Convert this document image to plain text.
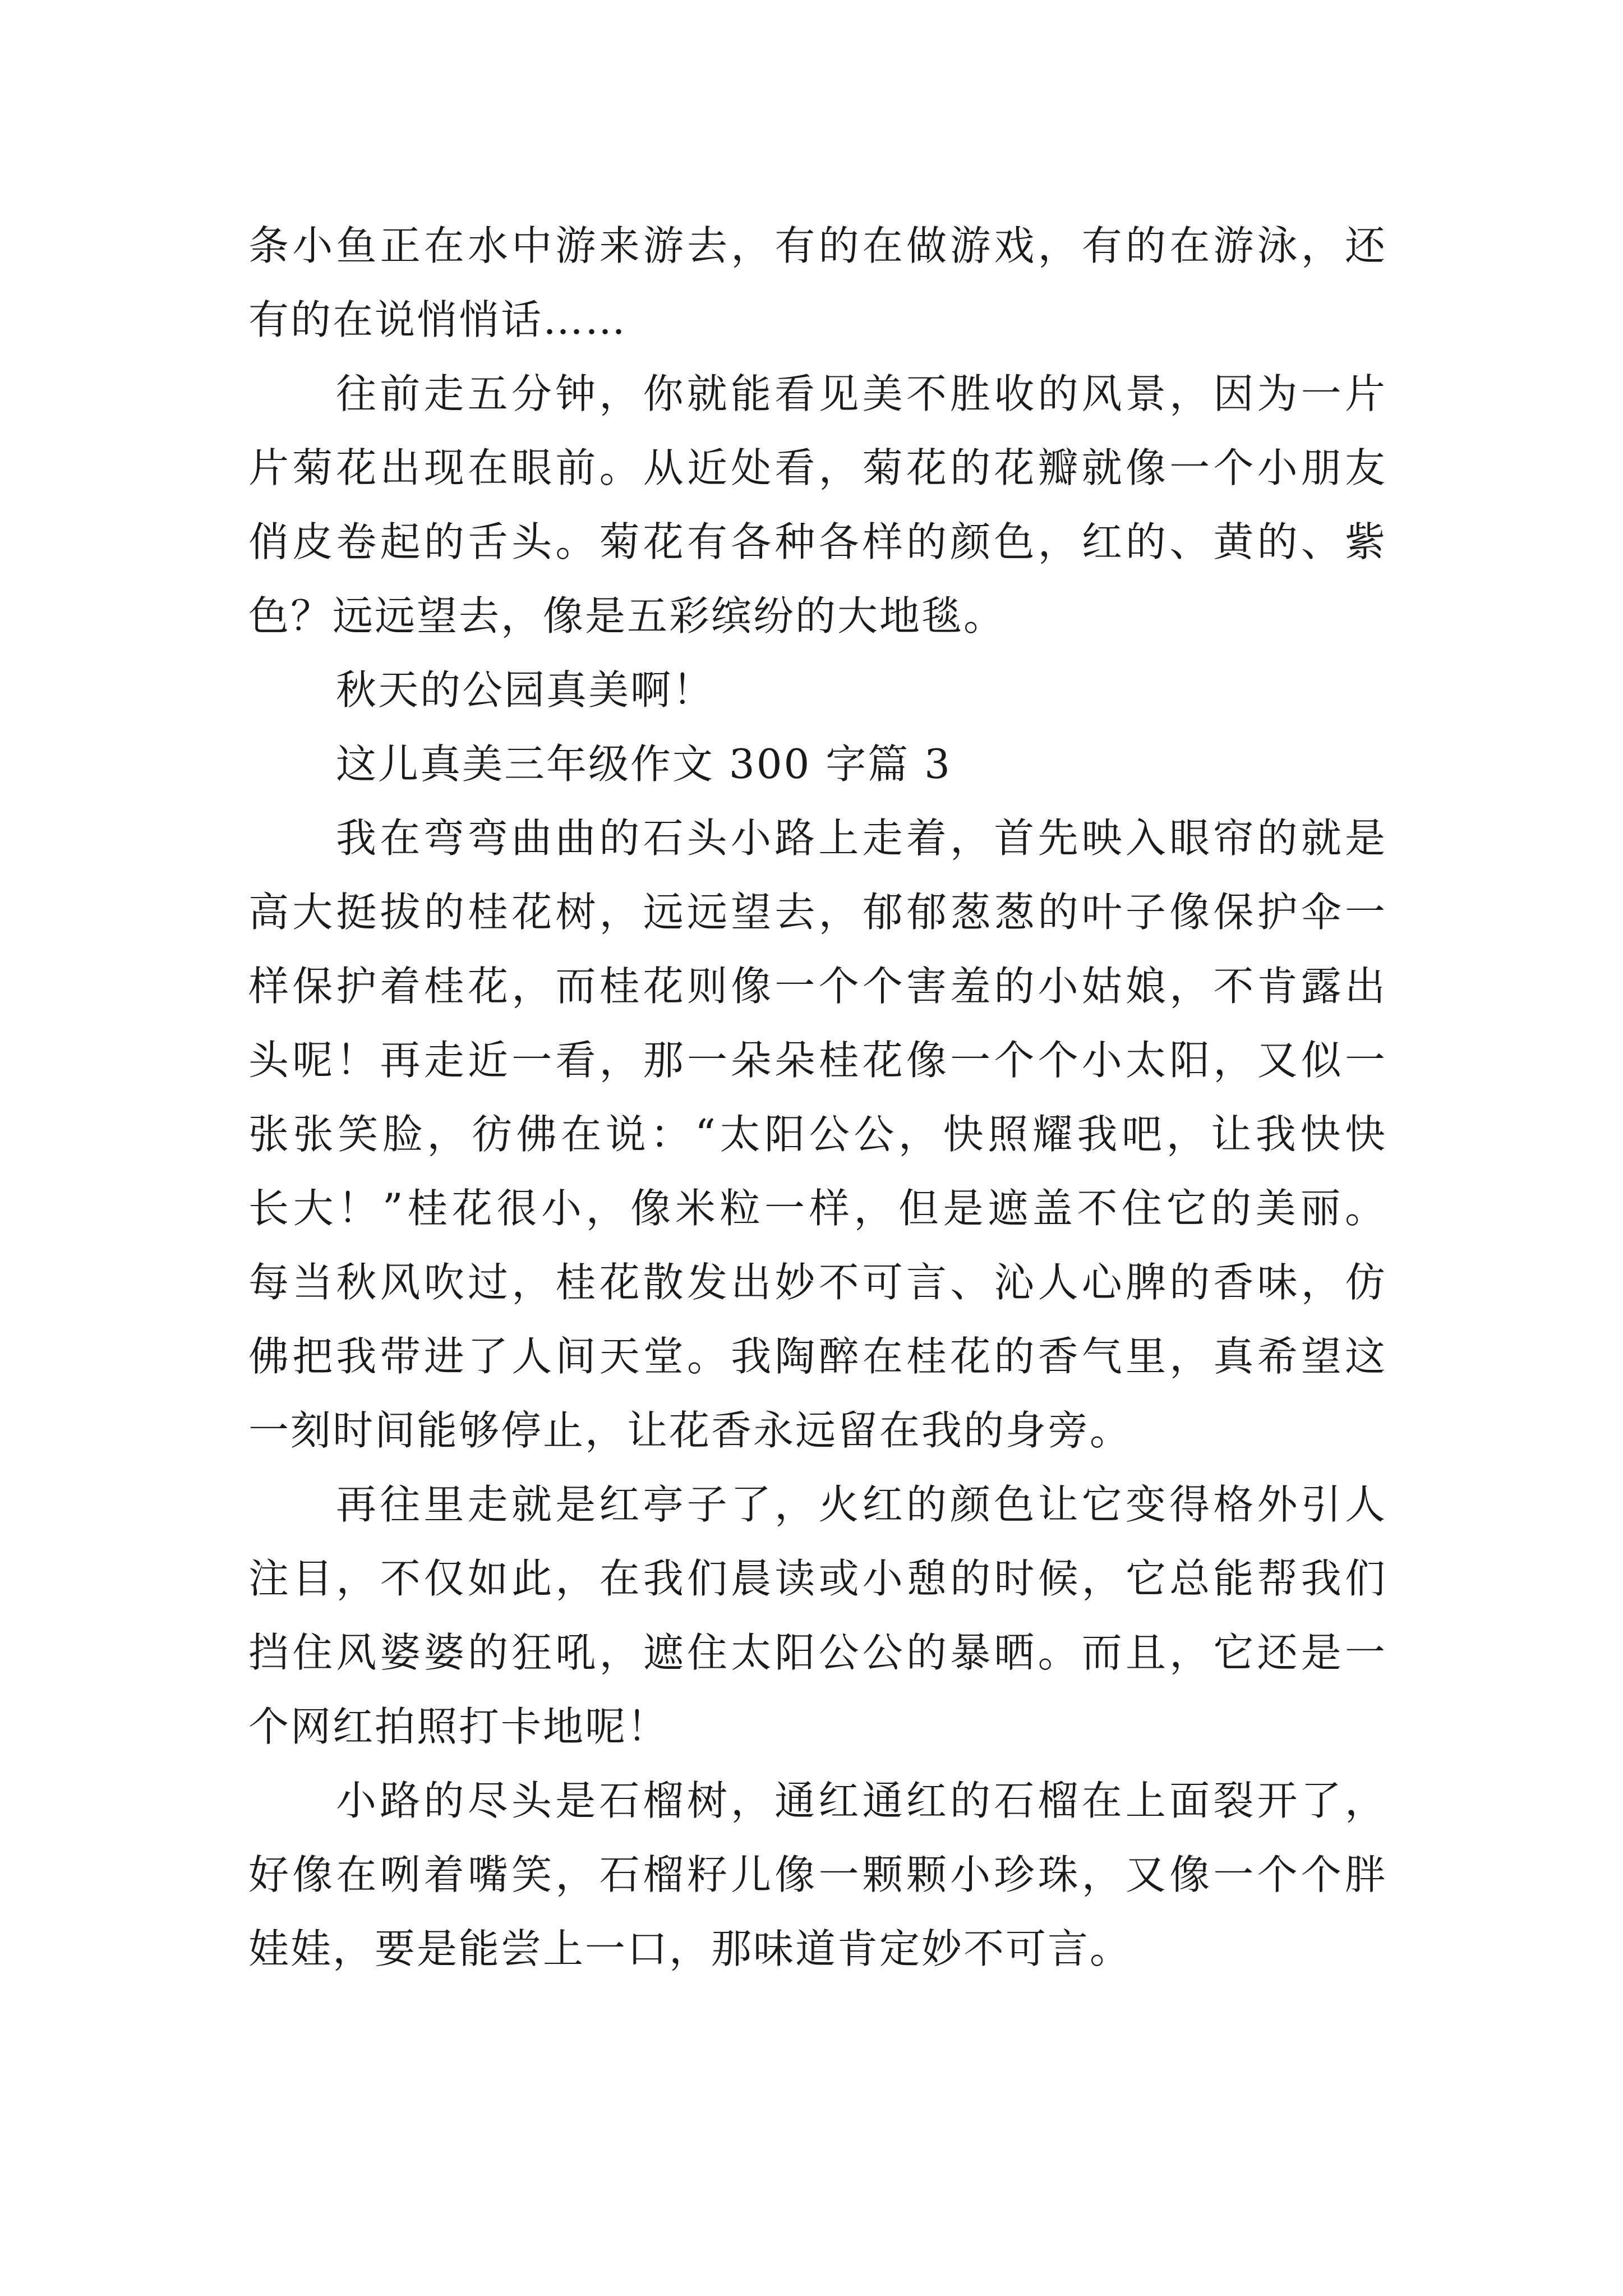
条小鱼正在水中游来游去，有的在做游戏，有的在游泳，还
有的在说悄悄话……
往前走五分钟，你就能看见美不胜收的风景，因为一片
片菊花出现在眼前。从近处看，菊花的花瓣就像一个小朋友
俏皮卷起的舌头。菊花有各种各样的颜色，红的、黄的、紫
色？远远望去，像是五彩缤纷的大地毯。
秋天的公园真美啊！
这儿真美三年级作文 300 字篇 3
我在弯弯曲曲的石头小路上走着，首先映入眼帘的就是
高大挺拔的桂花树，远远望去，郁郁葱葱的叶子像保护伞一
样保护着桂花，而桂花则像一个个害羞的小姑娘，不肯露出
头呢！再走近一看，那一朵朵桂花像一个个小太阳，又似一
张张笑脸，彷佛在说：“太阳公公，快照耀我吧，让我快快
长大！”桂花很小，像米粒一样，但是遮盖不住它的美丽。
每当秋风吹过，桂花散发出妙不可言、沁人心脾的香味，仿
佛把我带进了人间天堂。我陶醉在桂花的香气里，真希望这
一刻时间能够停止，让花香永远留在我的身旁。
再往里走就是红亭子了，火红的颜色让它变得格外引人
注目，不仅如此，在我们晨读或小憩的时候，它总能帮我们
挡住风婆婆的狂吼，遮住太阳公公的暴晒。而且，它还是一
个网红拍照打卡地呢！
小路的尽头是石榴树，通红通红的石榴在上面裂开了，
好像在咧着嘴笑，石榴籽儿像一颗颗小珍珠，又像一个个胖
娃娃，要是能尝上一口，那味道肯定妙不可言。
